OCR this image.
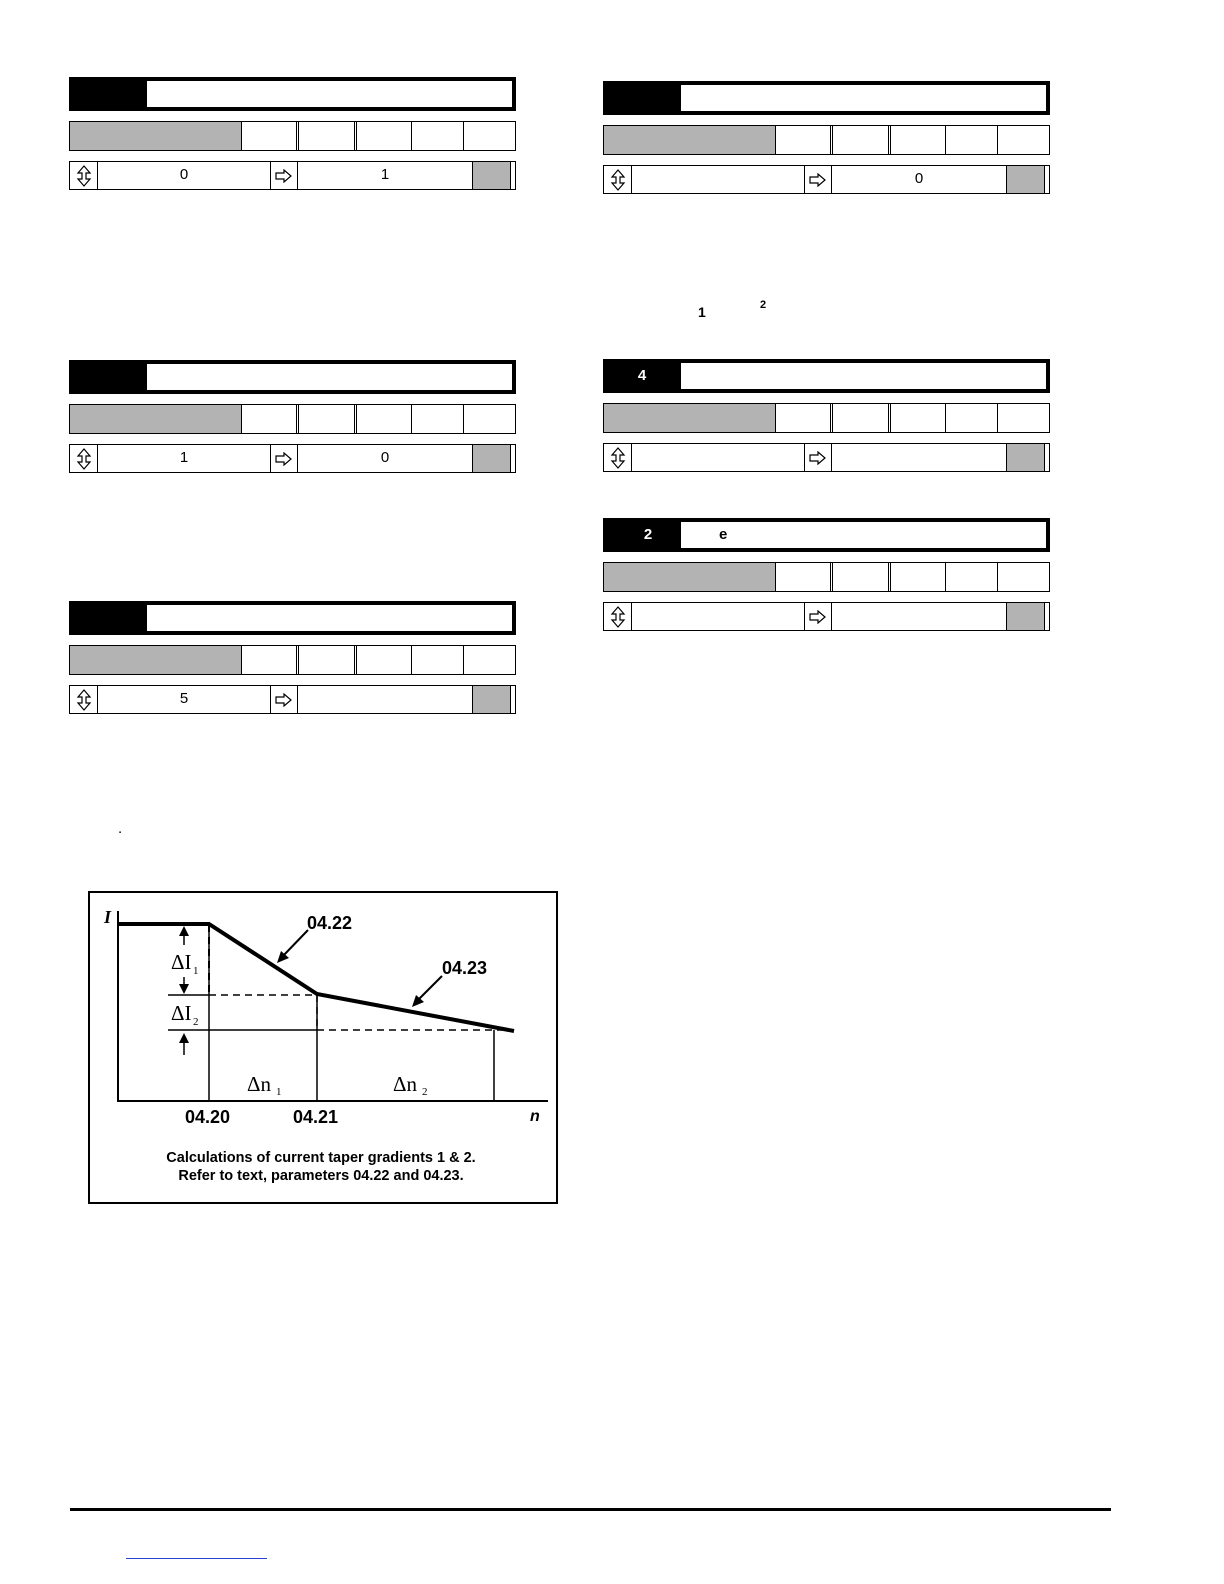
0	1
1	0
5
0
1	2
4
2	e
.
I
n
04.22
04.23
04.20	04.21
ΔI 1
ΔI 2
Δn 1	Δn 2
Calculations of current taper gradients 1 & 2.
Refer to text, parameters 04.22 and 04.23.
